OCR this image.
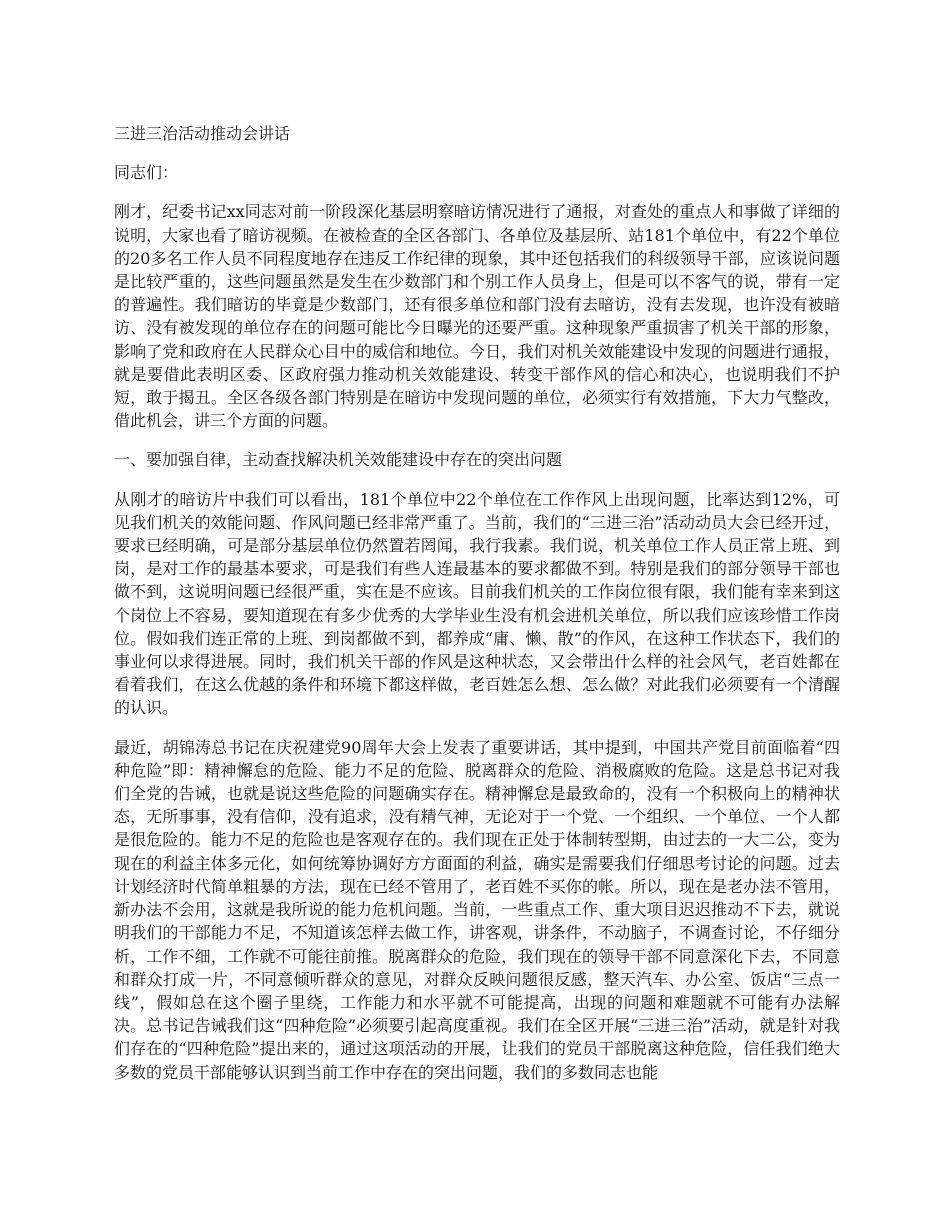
三进三治活动推动会讲话

同志们：

刚才，纪委书记xx同志对前一阶段深化基层明察暗访情况进行了通报，对查处的重点人和事做了详细的说明，大家也看了暗访视频。在被检查的全区各部门、各单位及基层所、站181个单位中，有22个单位的20多名工作人员不同程度地存在违反工作纪律的现象，其中还包括我们的科级领导干部，应该说问题是比较严重的，这些问题虽然是发生在少数部门和个别工作人员身上，但是可以不客气的说，带有一定的普遍性。我们暗访的毕竟是少数部门，还有很多单位和部门没有去暗访，没有去发现，也许没有被暗访、没有被发现的单位存在的问题可能比今日曝光的还要严重。这种现象严重损害了机关干部的形象，影响了党和政府在人民群众心目中的威信和地位。今日，我们对机关效能建设中发现的问题进行通报，就是要借此表明区委、区政府强力推动机关效能建设、转变干部作风的信心和决心，也说明我们不护短，敢于揭丑。全区各级各部门特别是在暗访中发现问题的单位，必须实行有效措施，下大力气整改，借此机会，讲三个方面的问题。

一、要加强自律，主动查找解决机关效能建设中存在的突出问题

从刚才的暗访片中我们可以看出，181个单位中22个单位在工作作风上出现问题，比率达到12%，可见我们机关的效能问题、作风问题已经非常严重了。当前，我们的“三进三治”活动动员大会已经开过，要求已经明确，可是部分基层单位仍然置若罔闻，我行我素。我们说，机关单位工作人员正常上班、到岗，是对工作的最基本要求，可是我们有些人连最基本的要求都做不到。特别是我们的部分领导干部也做不到，这说明问题已经很严重，实在是不应该。目前我们机关的工作岗位很有限，我们能有幸来到这个岗位上不容易，要知道现在有多少优秀的大学毕业生没有机会进机关单位，所以我们应该珍惜工作岗位。假如我们连正常的上班、到岗都做不到，都养成“庸、懒、散”的作风，在这种工作状态下，我们的事业何以求得进展。同时，我们机关干部的作风是这种状态，又会带出什么样的社会风气，老百姓都在看着我们，在这么优越的条件和环境下都这样做，老百姓怎么想、怎么做？对此我们必须要有一个清醒的认识。

最近，胡锦涛总书记在庆祝建党90周年大会上发表了重要讲话，其中提到，中国共产党目前面临着“四种危险”即：精神懈怠的危险、能力不足的危险、脱离群众的危险、消极腐败的危险。这是总书记对我们全党的告诫，也就是说这些危险的问题确实存在。精神懈怠是最致命的，没有一个积极向上的精神状态，无所事事，没有信仰，没有追求，没有精气神，无论对于一个党、一个组织、一个单位、一个人都是很危险的。能力不足的危险也是客观存在的。我们现在正处于体制转型期，由过去的一大二公，变为现在的利益主体多元化，如何统筹协调好方方面面的利益，确实是需要我们仔细思考讨论的问题。过去计划经济时代简单粗暴的方法，现在已经不管用了，老百姓不买你的帐。所以，现在是老办法不管用，新办法不会用，这就是我所说的能力危机问题。当前，一些重点工作、重大项目迟迟推动不下去，就说明我们的干部能力不足，不知道该怎样去做工作，讲客观，讲条件，不动脑子，不调查讨论，不仔细分析，工作不细，工作就不可能往前推。脱离群众的危险，我们现在的领导干部不同意深化下去，不同意和群众打成一片，不同意倾听群众的意见，对群众反映问题很反感，整天汽车、办公室、饭店“三点一线”，假如总在这个圈子里绕，工作能力和水平就不可能提高，出现的问题和难题就不可能有办法解决。总书记告诫我们这“四种危险”必须要引起高度重视。我们在全区开展“三进三治”活动，就是针对我们存在的“四种危险”提出来的，通过这项活动的开展，让我们的党员干部脱离这种危险，信任我们绝大多数的党员干部能够认识到当前工作中存在的突出问题，我们的多数同志也能
